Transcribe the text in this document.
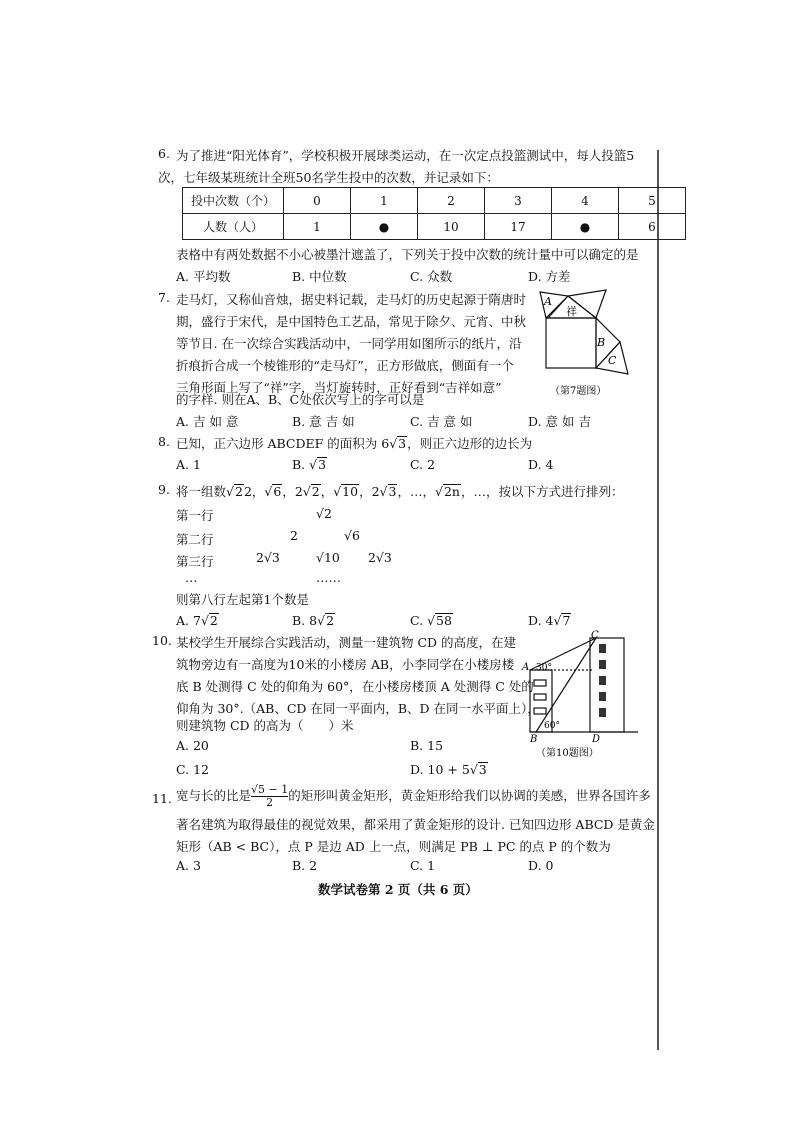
6. 为了推进“阳光体育”，学校积极开展球类运动，在一次定点投篮测试中，每人投篮5
次，七年级某班统计全班50名学生投中的次数，并记录如下：
投中次数（个）	0	1	2	3	4	5
人数（人）	1	●	10	17	●	6
表格中有两处数据不小心被墨汁遮盖了，下列关于投中次数的统计量中可以确定的是
A. 平均数	B. 中位数	C. 众数	D. 方差
7. 走马灯，又称仙音烛，据史料记载，走马灯的历史起源于隋唐时
期，盛行于宋代，是中国特色工艺品，常见于除夕、元宵、中秋
等节日. 在一次综合实践活动中，一同学用如图所示的纸片，沿
折痕折合成一个棱锥形的“走马灯”，正方形做底，侧面有一个
三角形面上写了“祥”字，当灯旋转时，正好看到“吉祥如意”
的字样. 则在A、B、C处依次写上的字可以是
A
祥
B
C
（第7题图）
A. 吉 如 意	B. 意 吉 如	C. 吉 意 如	D. 意 如 吉
8. 已知，正六边形 ABCDEF 的面积为 6√3，则正六边形的边长为
A. 1	B. √3	C. 2	D. 4
9. 将一组数√22，√6，2√2，√10，2√3，…，√2n，…，按以下方式进行排列：
第一行	√2
第二行	2	√6
第三行	2√3	√10 2√3
…	……
则第八行左起第1个数是
A. 7√2	B. 8√2	C. √58	D. 4√7
10. 某校学生开展综合实践活动，测量一建筑物 CD 的高度，在建
筑物旁边有一高度为10米的小楼房 AB，小李同学在小楼房楼
底 B 处测得 C 处的仰角为 60°，在小楼房楼顶 A 处测得 C 处的
仰角为 30°.（AB、CD 在同一平面内，B、D 在同一水平面上），
则建筑物 CD 的高为（　　）米
C
A 30°
60°
B	D
（第10题图）
A. 20	B. 15
C. 12	D. 10 + 5√3
11. 宽与长的比是 $\frac{√5 - 1}{2}$ 的矩形叫黄金矩形，黄金矩形给我们以协调的美感，世界各国许多
著名建筑为取得最佳的视觉效果，都采用了黄金矩形的设计. 已知四边形 ABCD 是黄金
矩形（AB < BC），点 P 是边 AD 上一点，则满足 PB ⊥ PC 的点 P 的个数为
A. 3	B. 2	C. 1	D. 0
数学试卷第 2 页（共 6 页）
